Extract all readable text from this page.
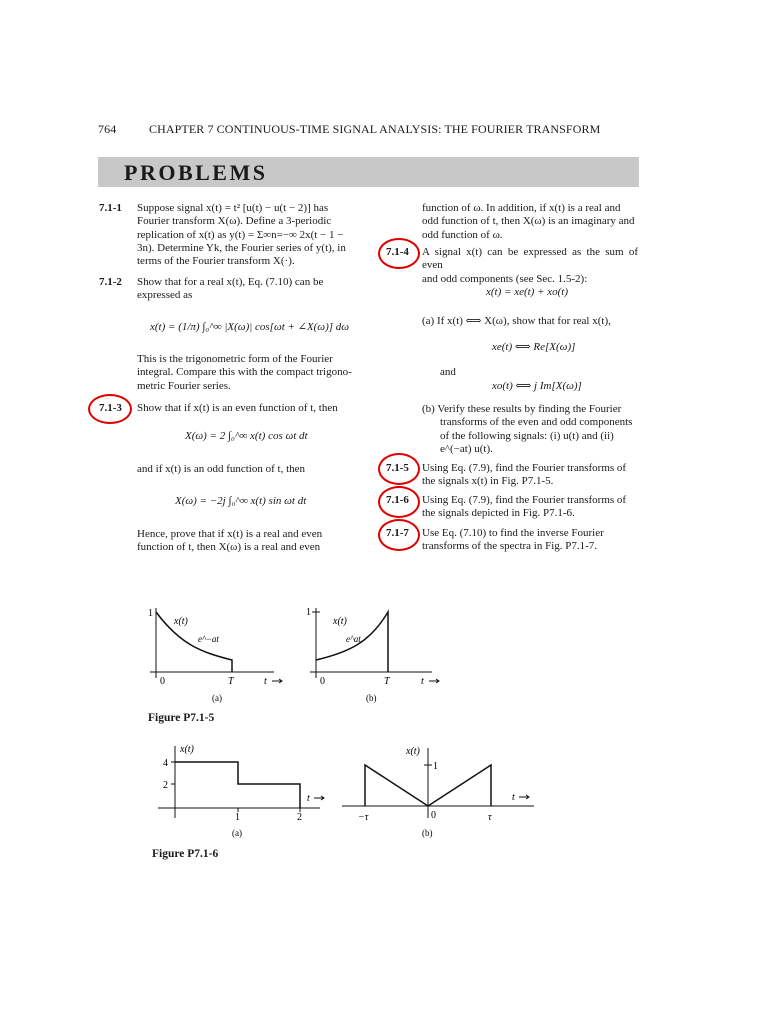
764	CHAPTER 7 CONTINUOUS-TIME SIGNAL ANALYSIS: THE FOURIER TRANSFORM
PROBLEMS
7.1-1 Suppose signal x(t) = t² [u(t) − u(t − 2)] has
Fourier transform X(ω). Define a 3-periodic
replication of x(t) as y(t) = Σ∞n=−∞ 2x(t − 1 −
3n). Determine Yk, the Fourier series of y(t), in
terms of the Fourier transform X(·).
7.1-2 Show that for a real x(t), Eq. (7.10) can be
expressed as
x(t) = (1/π) ∫₀^∞ |X(ω)| cos[ωt + ∠X(ω)] dω
This is the trigonometric form of the Fourier
integral. Compare this with the compact trigono-
metric Fourier series.
7.1-3 Show that if x(t) is an even function of t, then
X(ω) = 2 ∫₀^∞ x(t) cos ωt dt
and if x(t) is an odd function of t, then
X(ω) = −2j ∫₀^∞ x(t) sin ωt dt
Hence, prove that if x(t) is a real and even
function of t, then X(ω) is a real and even
function of ω. In addition, if x(t) is a real and
odd function of t, then X(ω) is an imaginary and
odd function of ω.
7.1-4 A signal x(t) can be expressed as the sum of even
and odd components (see Sec. 1.5-2):
x(t) = xe(t) + xo(t)
(a) If x(t) ⟺ X(ω), show that for real x(t),
xe(t) ⟺ Re[X(ω)]
and
xo(t) ⟺ j Im[X(ω)]
(b) Verify these results by finding the Fourier
transforms of the even and odd components
of the following signals: (i) u(t) and (ii)
e^(−at) u(t).
7.1-5 Using Eq. (7.9), find the Fourier transforms of
the signals x(t) in Fig. P7.1-5.
7.1-6 Using Eq. (7.9), find the Fourier transforms of
the signals depicted in Fig. P7.1-6.
7.1-7 Use Eq. (7.10) to find the inverse Fourier
transforms of the spectra in Fig. P7.1-7.
1
x(t)
e^−at
0	T	t
(a)
1
x(t)
e^at
0	T	t
(b)
Figure P7.1-5
x(t)
4
2
1	2
t
(a)
x(t)
1
−τ	0	τ
t
(b)
Figure P7.1-6
